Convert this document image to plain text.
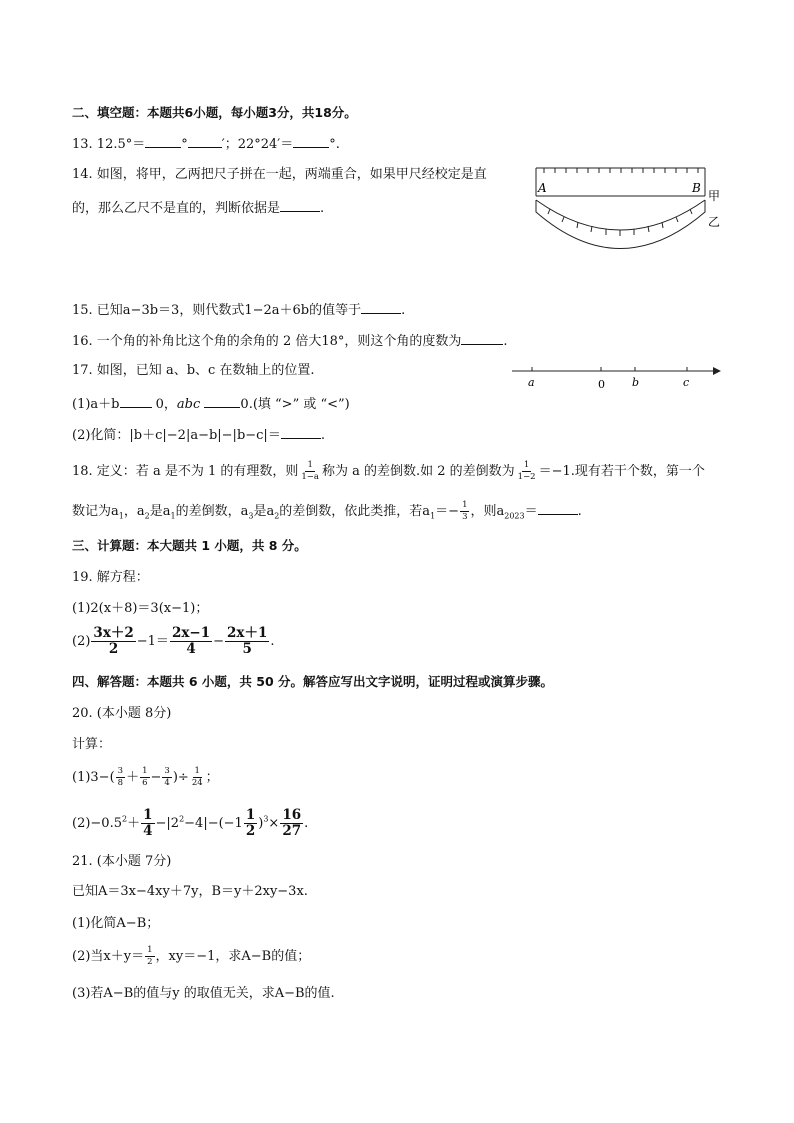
二、填空题：本题共6小题，每小题3分，共18分。
13. 12.5°＝	°	′；22°24′＝	°.
14. 如图，将甲，乙两把尺子拼在一起，两端重合，如果甲尺经校定是直
的，那么乙尺不是直的，判断依据是	.
A	B
甲
乙
15. 已知a−3b＝3，则代数式1−2a＋6b的值等于	.
16. 一个角的补角比这个角的余角的 2 倍大18°，则这个角的度数为	.
17. 如图，已知 a、b、c 在数轴上的位置.
a	0 b	c
(1)a＋b	0，abc	0.(填 “>” 或 “<”)
(2)化简：|b＋c|−2|a−b|−|b−c|＝	.
18. 定义：若 a 是不为 1 的有理数，则 $\frac{1}{1-a}$ 称为 a 的差倒数.如 2 的差倒数为 $\frac{1}{1-2} =-1$.现有若干个数，第一个
数记为$a_1$，$a_2$是$a_1$的差倒数，$a_3$是$a_2$的差倒数，依此类推，若$a_1=- \frac{1}{3}$ ，则$a_{2023}=$	.
三、计算题：本大题共 1 小题，共 8 分。
19. 解方程：
(1)2(x＋8)＝3(x−1)；
$(2) \frac{3x+2}{2} -1= \frac{2x-1}{4} - \frac{2x+1}{5}$ .
四、解答题：本题共 6 小题，共 50 分。解答应写出文字说明，证明过程或演算步骤。
20. (本小题 8分)
计算：
$(1)3-( \frac{3}{8} + \frac{1}{6} - \frac{3}{4}$ )÷ $\frac{1}{24}$ ；
$(2)-0.5^2+ \frac{1}{4} -|2^2-4|-(-1 \frac{1}{2} )^3\times \frac{16}{27}$ .
21. (本小题 7分)
已知A＝3x−4xy＋7y，B＝y＋2xy−3x.
(1)化简A−B；
(2)当$x+y= \frac{1}{2}$ ，xy＝−1，求A−B的值；
(3)若A−B的值与y 的取值无关，求A−B的值.
